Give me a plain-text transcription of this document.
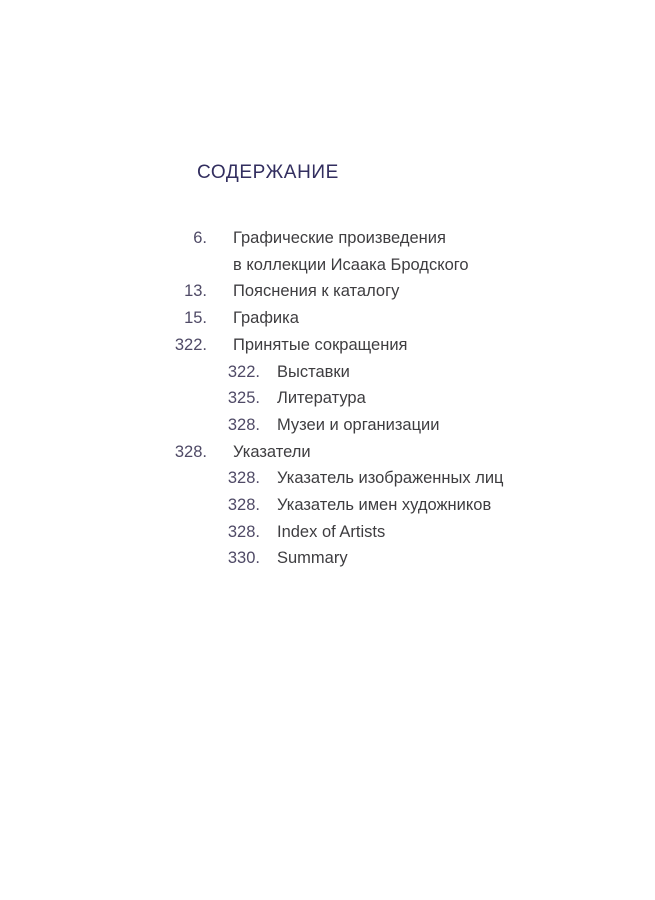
СОДЕРЖАНИЕ
6. Графические произведения
в коллекции Исаака Бродского
13. Пояснения к каталогу
15. Графика
322. Принятые сокращения
322. Выставки
325. Литература
328. Музеи и организации
328. Указатели
328. Указатель изображенных лиц
328. Указатель имен художников
328. Index of Artists
330. Summary
